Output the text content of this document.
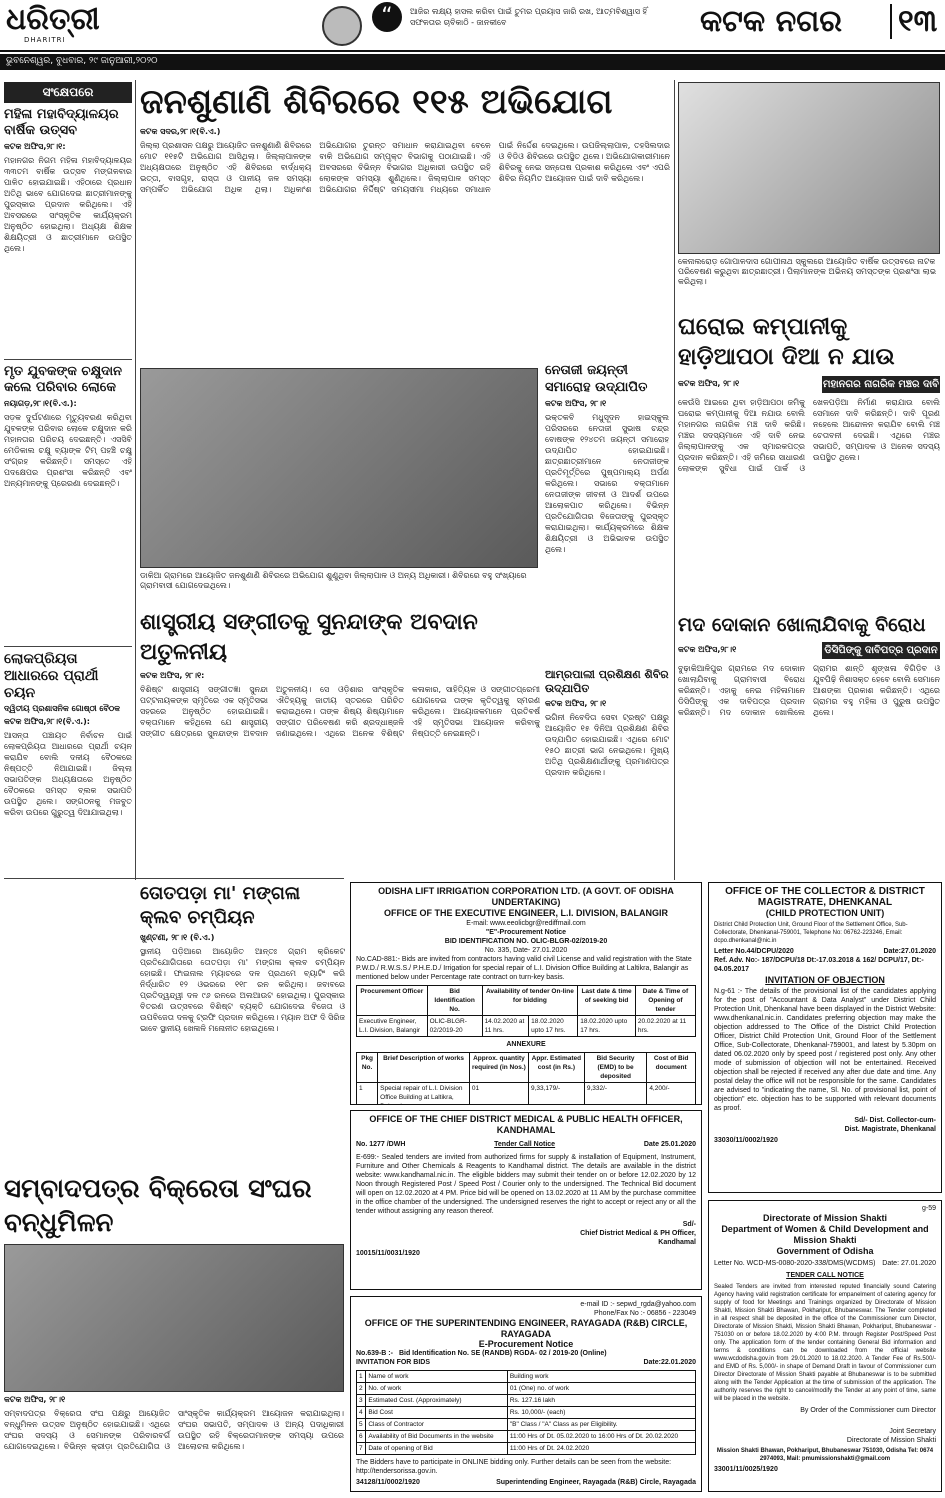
ଧରିତ୍ରୀ
DHARITRI
“	ଆଜିର ଲକ୍ଷ୍ୟ ହାସଲ କରିବା ପାଇଁ ତୁମର ପ୍ରୟାସ ଜାରି ରଖ, ଆତ୍ମବିଶ୍ୱାସ ହିଁ ସଫଳତାର ଚାବିକାଠି - ଜାନକୀବେ	କଟକ ନଗର ୧୩
ଭୁବନେଶ୍ୱର, ବୁଧବାର, ୨୯ ଜାନୁଆରୀ,୨୦୨୦
ସଂକ୍ଷେପରେ
ମହିଳା ମହାବିଦ୍ୟାଳୟର ବାର୍ଷିକ ଉତ୍ସବ
କଟକ ଅଫିସ,୨୮।୧:
ମହାନଗର ନିଗମ ମହିଳା ମହାବିଦ୍ୟାଳୟର ୩୩ତମ ବାର୍ଷିକ ଉତ୍ସବ ମଙ୍ଗଳବାର ପାଳିତ ହୋଇଯାଇଛି। ଏହିଠାରେ ପ୍ରଧାନ ଅତିଥି ଭାବେ ଯୋଗଦେଇ ଛାତ୍ରୀମାନଙ୍କୁ ପୁରସ୍କାର ପ୍ରଦାନ କରିଥିଲେ। ଏହି ଅବସରରେ ସାଂସ୍କୃତିକ କାର୍ଯ୍ୟକ୍ରମ ଅନୁଷ୍ଠିତ ହୋଇଥିଲା। ଅଧ୍ୟକ୍ଷ ଶିକ୍ଷକ ଶିକ୍ଷୟିତ୍ରୀ ଓ ଛାତ୍ରୀମାନେ ଉପସ୍ଥିତ ଥିଲେ।
ମୃତ ଯୁବକଙ୍କ ଚକ୍ଷୁଦାନ କଲେ ପରିବାର ଲୋକେ
ନୟାଗଡ଼,୨୮।୧(ବି.ଏ.):
ସଡ଼କ ଦୁର୍ଘଟଣାରେ ମୃତ୍ୟୁବରଣ କରିଥିବା ଯୁବକଙ୍କ ପରିବାର ଲୋକେ ଚକ୍ଷୁଦାନ କରି ମହାନତାର ପରିଚୟ ଦେଇଛନ୍ତି। ଏସସିବି ମେଡିକାଲ ଚକ୍ଷୁ ବ୍ୟାଙ୍କ ଟିମ୍ ପହଞ୍ଚି ଚକ୍ଷୁ ସଂଗ୍ରହ କରିଛନ୍ତି। ସମସ୍ତେ ଏହି ପଦକ୍ଷେପର ପ୍ରଶଂସା କରିଛନ୍ତି ଏବଂ ଅନ୍ୟମାନଙ୍କୁ ପ୍ରେରଣା ଦେଇଛନ୍ତି।
ଲୋକପ୍ରିୟତା ଆଧାରରେ ପ୍ରାର୍ଥୀ ଚୟନ
ଦ୍ୱିତୀୟ ପ୍ରଶାସନିକ ଗୋଷ୍ଠୀ ବୈଠକ
କଟକ ଅଫିସ,୨୮।୧(ବି.ଏ.):
ଆସନ୍ତା ପଞ୍ଚାୟତ ନିର୍ବାଚନ ପାଇଁ ଲୋକପ୍ରିୟତା ଆଧାରରେ ପ୍ରାର୍ଥୀ ଚୟନ କରାଯିବ ବୋଲି ଦଳୀୟ ବୈଠକରେ ନିଷ୍ପତ୍ତି ନିଆଯାଇଛି। ଜିଲ୍ଲା ସଭାପତିଙ୍କ ଅଧ୍ୟକ୍ଷତାରେ ଅନୁଷ୍ଠିତ ବୈଠକରେ ସମସ୍ତ ବ୍ଲକ ସଭାପତି ଉପସ୍ଥିତ ଥିଲେ। ସଙ୍ଗଠନକୁ ମଜବୁତ କରିବା ଉପରେ ଗୁରୁତ୍ୱ ଦିଆଯାଇଥିଲା।
ଜନଶୁଣାଣି ଶିବିରରେ ୧୧୫ ଅଭିଯୋଗ
କଟକ ସଦର,୨୮।୧(ବି.ଏ.)
ଜିଲ୍ଲା ପ୍ରଶାସନ ପକ୍ଷରୁ ଆୟୋଜିତ ଜନଶୁଣାଣି ଶିବିରରେ ମୋଟ ୧୧୫ଟି ଅଭିଯୋଗ ଆସିଥିଲା। ଜିଲ୍ଲାପାଳଙ୍କ ଅଧ୍ୟକ୍ଷତାରେ ଅନୁଷ୍ଠିତ ଏହି ଶିବିରରେ ବାର୍ଦ୍ଧକ୍ୟ ଭତ୍ତା, ବାସଗୃହ, ରାସ୍ତା ଓ ପାନୀୟ ଜଳ ସମସ୍ୟା ସମ୍ପର୍କିତ ଅଭିଯୋଗ ଅଧିକ ଥିଲା। ଅଧିକାଂଶ ଅଭିଯୋଗର ତୁରନ୍ତ ସମାଧାନ କରାଯାଇଥିବା ବେଳେ ବାକି ଅଭିଯୋଗ ସମ୍ପୃକ୍ତ ବିଭାଗକୁ ପଠାଯାଇଛି। ଏହି ଅବସରରେ ବିଭିନ୍ନ ବିଭାଗର ଅଧିକାରୀ ଉପସ୍ଥିତ ରହି ଲୋକଙ୍କ ସମସ୍ୟା ଶୁଣିଥିଲେ। ଜିଲ୍ଲାପାଳ ସମସ୍ତ ଅଭିଯୋଗର ନିର୍ଦ୍ଦିଷ୍ଟ ସମୟସୀମା ମଧ୍ୟରେ ସମାଧାନ ପାଇଁ ନିର୍ଦ୍ଦେଶ ଦେଇଥିଲେ। ଉପଜିଲ୍ଲାପାଳ, ତହସିଲଦାର ଓ ବିଡିଓ ଶିବିରରେ ଉପସ୍ଥିତ ଥିଲେ। ଅଭିଯୋଗକାରୀମାନେ ଶିବିରକୁ ନେଇ ସନ୍ତୋଷ ପ୍ରକାଶ କରିଥିଲେ ଏବଂ ଏପରି ଶିବିର ନିୟମିତ ଆୟୋଜନ ପାଇଁ ଦାବି କରିଥିଲେ।
ଡାକିଆ ଗ୍ରାମରେ ଆୟୋଜିତ ଜନଶୁଣାଣି ଶିବିରରେ ଅଭିଯୋଗ ଶୁଣୁଥିବା ଜିଲ୍ଲାପାଳ ଓ ଅନ୍ୟ ଅଧିକାରୀ। ଶିବିରରେ ବହୁ ସଂଖ୍ୟାରେ ଗ୍ରାମବାସୀ ଯୋଗଦେଇଥିଲେ।
ନେତାଜୀ ଜୟନ୍ତୀ ସମାରୋହ ଉଦ୍‌ଯାପିତ
କଟକ ଅଫିସ, ୨୮।୧
ଭକ୍ତକବି ମଧୁସୂଦନ ହାଇସ୍କୁଲ ପରିସରରେ ନେତାଜୀ ସୁଭାଷ ଚନ୍ଦ୍ର ବୋଷଙ୍କ ୧୨୪ତମ ଜୟନ୍ତୀ ସମାରୋହ ଉଦ୍‌ଯାପିତ ହୋଇଯାଇଛି। ଛାତ୍ରଛାତ୍ରୀମାନେ ନେତାଜୀଙ୍କ ପ୍ରତିମୂର୍ତ୍ତିରେ ପୁଷ୍ପମାଲ୍ୟ ଅର୍ପଣ କରିଥିଲେ। ସଭାରେ ବକ୍ତାମାନେ ନେତାଜୀଙ୍କ ଜୀବନୀ ଓ ଆଦର୍ଶ ଉପରେ ଆଲୋକପାତ କରିଥିଲେ। ବିଭିନ୍ନ ପ୍ରତିଯୋଗିତାର ବିଜେତାଙ୍କୁ ପୁରସ୍କୃତ କରାଯାଇଥିଲା। କାର୍ଯ୍ୟକ୍ରମରେ ଶିକ୍ଷକ ଶିକ୍ଷୟିତ୍ରୀ ଓ ଅଭିଭାବକ ଉପସ୍ଥିତ ଥିଲେ।
ଶାସ୍ତ୍ରୀୟ ସଙ୍ଗୀତକୁ ସୁନନ୍ଦାଙ୍କ ଅବଦାନ ଅତୁଳନୀୟ
କଟକ ଅଫିସ, ୨୮।୧:
ବିଶିଷ୍ଟ ଶାସ୍ତ୍ରୀୟ ସଙ୍ଗୀତଜ୍ଞା ସୁନନ୍ଦା ପଟ୍ଟନାୟକଙ୍କ ସ୍ମୃତିରେ ଏକ ସ୍ମୃତିସଭା ସହରରେ ଅନୁଷ୍ଠିତ ହୋଇଯାଇଛି। ବକ୍ତାମାନେ କହିଥିଲେ ଯେ ଶାସ୍ତ୍ରୀୟ ସଙ୍ଗୀତ କ୍ଷେତ୍ରରେ ସୁନନ୍ଦାଙ୍କ ଅବଦାନ ଅତୁଳନୀୟ। ସେ ଓଡ଼ିଶାର ସାଂସ୍କୃତିକ ଐତିହ୍ୟକୁ ଜାତୀୟ ସ୍ତରରେ ପରିଚିତ କରାଇଥିଲେ। ତାଙ୍କ ଶିଷ୍ୟ ଶିଷ୍ୟାମାନେ ସଙ୍ଗୀତ ପରିବେଷଣ କରି ଶ୍ରଦ୍ଧାଞ୍ଜଳି ଜଣାଇଥିଲେ। ଏଥିରେ ଅନେକ ବିଶିଷ୍ଟ କଳାକାର, ସାହିତ୍ୟିକ ଓ ସଙ୍ଗୀତପ୍ରେମୀ ଯୋଗଦେଇ ତାଙ୍କ କୃତିତ୍ୱକୁ ସ୍ମରଣ କରିଥିଲେ। ଆୟୋଜକମାନେ ପ୍ରତିବର୍ଷ ଏହି ସ୍ମୃତିସଭା ଆୟୋଜନ କରିବାକୁ ନିଷ୍ପତ୍ତି ନେଇଛନ୍ତି।
ଆମ୍ରପାଲୀ ପ୍ରଶିକ୍ଷଣ ଶିବିର ଉଦ୍‌ଯାପିତ
କଟକ ଅଫିସ, ୨୮।୧
ଭଗିନୀ ନିବେଦିତା ସେବା ଟ୍ରଷ୍ଟ ପକ୍ଷରୁ ଆୟୋଜିତ ୧୫ ଦିନିଆ ପ୍ରଶିକ୍ଷଣ ଶିବିର ଉଦ୍‌ଯାପିତ ହୋଇଯାଇଛି। ଏଥିରେ ମୋଟ ୧୫୦ ଛାତ୍ରୀ ଭାଗ ନେଇଥିଲେ। ମୁଖ୍ୟ ଅତିଥି ପ୍ରଶିକ୍ଷଣାର୍ଥୀଙ୍କୁ ପ୍ରମାଣପତ୍ର ପ୍ରଦାନ କରିଥିଲେ।
ତୋତପଡ଼ା ମା' ମଙ୍ଗଳା କ୍ଲବ ଚମ୍ପିୟନ
ଖୁଣ୍ଟଣୀ, ୨୮।୧ (ବି.ଏ.)
ସ୍ଥାନୀୟ ପଡ଼ିଆରେ ଆୟୋଜିତ ଆନ୍ତଃ ଗ୍ରାମ କ୍ରିକେଟ ପ୍ରତିଯୋଗିତାରେ ତୋତପଡ଼ା ମା' ମଙ୍ଗଳା କ୍ଲବ ଚମ୍ପିୟନ ହୋଇଛି। ଫାଇନାଲ ମ୍ୟାଚରେ ଦଳ ପ୍ରଥମେ ବ୍ୟାଟିଂ କରି ନିର୍ଦ୍ଧାରିତ ୧୨ ଓଭରରେ ୧୧୮ ରନ କରିଥିଲା। ଜବାବରେ ପ୍ରତିଦ୍ୱନ୍ଦ୍ୱୀ ଦଳ ୯୬ ରନରେ ଅଲଆଉଟ ହୋଇଥିଲା। ପୁରସ୍କାର ବିତରଣ ଉତ୍ସବରେ ବିଶିଷ୍ଟ ବ୍ୟକ୍ତି ଯୋଗଦେଇ ବିଜେତା ଓ ଉପବିଜେତା ଦଳକୁ ଟ୍ରଫି ପ୍ରଦାନ କରିଥିଲେ। ମ୍ୟାନ ଅଫ ଦି ସିରିଜ ଭାବେ ସ୍ଥାନୀୟ ଖେଳାଳି ମନୋନୀତ ହୋଇଥିଲେ।
ସମ୍ବାଦପତ୍ର ବିକ୍ରେତା ସଂଘର ବନ୍ଧୁମିଳନ
କଟକ ଅଫିସ, ୨୮।୧
ସମ୍ବାଦପତ୍ର ବିକ୍ରେତା ସଂଘ ପକ୍ଷରୁ ଆୟୋଜିତ ବନ୍ଧୁମିଳନ ଉତ୍ସବ ଅନୁଷ୍ଠିତ ହୋଇଯାଇଛି। ଏଥିରେ ସଂଘର ସଦସ୍ୟ ଓ ସେମାନଙ୍କ ପରିବାରବର୍ଗ ଯୋଗଦେଇଥିଲେ। ବିଭିନ୍ନ କ୍ରୀଡ଼ା ପ୍ରତିଯୋଗିତା ଓ ସାଂସ୍କୃତିକ କାର୍ଯ୍ୟକ୍ରମ ଆୟୋଜନ କରାଯାଇଥିଲା। ସଂଘର ସଭାପତି, ସମ୍ପାଦକ ଓ ଅନ୍ୟ ପଦାଧିକାରୀ ଉପସ୍ଥିତ ରହି ବିକ୍ରେତାମାନଙ୍କ ସମସ୍ୟା ଉପରେ ଆଲୋଚନା କରିଥିଲେ।
କେନାଲରୋଡ଼ ଗୋପାଳଦାସ ଗୋପୀନାଥ ସ୍କୁଲରେ ଆୟୋଜିତ ବାର୍ଷିକ ଉତ୍ସବରେ ନାଟକ ପରିବେଷଣ କରୁଥିବା ଛାତ୍ରଛାତ୍ରୀ। ପିଲାମାନଙ୍କ ଅଭିନୟ ସମସ୍ତଙ୍କ ପ୍ରଶଂସା ଲାଭ କରିଥିଲା।
ଘରୋଇ କମ୍ପାନୀକୁ ହାଡ଼ିଆପଠା ଦିଆ ନ ଯାଉ
କଟକ ଅଫିସ, ୨୮।୧	ମହାନଗର ନାଗରିକ ମଞ୍ଚର ଦାବି
କେଉଁସି ଆଇରେ ଥିବା ହାଡ଼ିଆପଠା ଜମିକୁ ଘରୋଇ କମ୍ପାନୀକୁ ଦିଆ ନଯାଉ ବୋଲି ମହାନଗର ନାଗରିକ ମଞ୍ଚ ଦାବି କରିଛି। ମଞ୍ଚର ସଦସ୍ୟମାନେ ଏହି ଦାବି ନେଇ ଜିଲ୍ଲାପାଳଙ୍କୁ ଏକ ସ୍ମାରକପତ୍ର ପ୍ରଦାନ କରିଛନ୍ତି। ଏହି ଜମିରେ ସାଧାରଣ ଲୋକଙ୍କ ସୁବିଧା ପାଇଁ ପାର୍କ ଓ ଖେଳପଡ଼ିଆ ନିର୍ମାଣ କରାଯାଉ ବୋଲି ସେମାନେ ଦାବି କରିଛନ୍ତି। ଦାବି ପୂରଣ ନହେଲେ ଆନ୍ଦୋଳନ କରାଯିବ ବୋଲି ମଞ୍ଚ ଚେତାବନୀ ଦେଇଛି। ଏଥିରେ ମଞ୍ଚର ସଭାପତି, ସମ୍ପାଦକ ଓ ଅନେକ ସଦସ୍ୟ ଉପସ୍ଥିତ ଥିଲେ।
ମଦ ଦୋକାନ ଖୋଲାଯିବାକୁ ବିରୋଧ
କଟକ ଅଫିସ,୨୮।୧	ଡିସିପିଙ୍କୁ ଦାବିପତ୍ର ପ୍ରଦାନ
ବୁଢ଼ାକିଆଳିପୁର ଗ୍ରାମରେ ମଦ ଦୋକାନ ଖୋଲାଯିବାକୁ ଗ୍ରାମବାସୀ ବିରୋଧ କରିଛନ୍ତି। ଏହାକୁ ନେଇ ମହିଳାମାନେ ଡିସିପିଙ୍କୁ ଏକ ଦାବିପତ୍ର ପ୍ରଦାନ କରିଛନ୍ତି। ମଦ ଦୋକାନ ଖୋଲିଲେ ଗ୍ରାମର ଶାନ୍ତି ଶୃଙ୍ଖଳା ବିଗିଡ଼ିବ ଓ ଯୁବପିଢ଼ି ନିଶାସକ୍ତ ହେବେ ବୋଲି ସେମାନେ ଆଶଙ୍କା ପ୍ରକାଶ କରିଛନ୍ତି। ଏଥିରେ ଗ୍ରାମର ବହୁ ମହିଳା ଓ ପୁରୁଷ ଉପସ୍ଥିତ ଥିଲେ।
ODISHA LIFT IRRIGATION CORPORATION LTD. (A GOVT. OF ODISHA UNDERTAKING)
OFFICE OF THE EXECUTIVE ENGINEER, L.I. DIVISION, BALANGIR
E-mail: www.eeolicbgr@rediffmail.com
"E"-Procurement Notice
BID IDENTIFICATION NO. OLIC-BLGR-02/2019-20
No. 335, Date- 27.01.2020
No.CAD-881:- Bids are invited from contractors having valid civil License and valid registration with the State P.W.D./ R.W.S.S./ P.H.E.D./ Irrigation for special repair of L.I. Division Office Building at Laltikra, Balangir as mentioned below under Percentage rate contract on turn-key basis.
Procurement Officer	Bid Identification No.	Availability of tender On-line for bidding		Last date & time of seeking bid	Date & Time of Opening of tender
Executive Engineer, L.I. Division, Balangir	OLIC-BLGR-02/2019-20	14.02.2020 at 11 hrs.	18.02.2020 upto 17 hrs.	18.02.2020 upto 17 hrs.	20.02.2020 at 11 hrs.
ANNEXURE
Pkg No.	Brief Description of works	Approx. quantity required (in Nos.)	Appr. Estimated cost (in Rs.)	Bid Security (EMD) to be deposited	Cost of Bid document
1	Special repair of L.I. Division Office Building at Laltikra,	01	9,33,179/-	9,332/-	4,200/-
OFFICE OF THE CHIEF DISTRICT MEDICAL & PUBLIC HEALTH OFFICER, KANDHAMAL
No. 1277 /DWH	Tender Call Notice	Date 25.01.2020
E-699:- Sealed tenders are invited from authorized firms for supply & installation of Equipment, Instrument, Furniture and Other Chemicals & Reagents to Kandhamal district. The details are available in the district website: www.kandhamal.nic.in. The eligible bidders may submit their tender on or before 12.02.2020 by 12 Noon through Registered Post / Speed Post / Courier only to the undersigned. The Technical Bid document will open on 12.02.2020 at 4 PM. Price bid will be opened on 13.02.2020 at 11 AM by the purchase committee in the office chamber of the undersigned. The undersigned reserves the right to accept or reject any or all the tender without assigning any reason thereof.
Sd/-
Chief District Medical & PH Officer,
Kandhamal
10015/11/0031/1920
e-mail ID :- sepwd_rgda@yahoo.com
Phone/Fax No :- 06856 - 223049
OFFICE OF THE SUPERINTENDING ENGINEER, RAYAGADA (R&B) CIRCLE, RAYAGADA
E-Procurement Notice
No.639-B :- Bid Identification No. SE (RANDB) RGDA- 02 / 2019-20 (Online)
INVITATION FOR BIDS	Date:22.01.2020
1	Name of work	Building work
2	No. of work	01 (One) no. of work
3	Estimated Cost. (Approximately)	Rs. 127.16 lakh
4	Bid Cost	Rs. 10,000/- (each)
5	Class of Contractor	"B" Class / "A" Class as per Eligibility.
6	Availability of Bid Documents in the website	11:00 Hrs of Dt. 05.02.2020 to 16:00 Hrs of Dt. 20.02.2020
7	Date of opening of Bid	11:00 Hrs of Dt. 24.02.2020
The Bidders have to participate in ONLINE bidding only. Further details can be seen from the website: http://tendersorissa.gov.in.
34128/11/0002/1920	Superintending Engineer, Rayagada (R&B) Circle, Rayagada
OFFICE OF THE COLLECTOR & DISTRICT MAGISTRATE, DHENKANAL
(CHILD PROTECTION UNIT)
District Child Protection Unit, Ground Floor of the Settlement Office, Sub-Collectorate, Dhenkanal-759001, Telephone No: 06762-223246, Email: dcpo.dhenkanal@nic.in
Letter No.44/DCPU/2020	Date:27.01.2020
Ref. Adv. No:- 187/DCPU/18 Dt:-17.03.2018 & 162/ DCPU/17, Dt:- 04.05.2017
INVITATION OF OBJECTION
N.g-61 :- The details of the provisional list of the candidates applying for the post of "Accountant & Data Analyst" under District Child Protection Unit, Dhenkanal have been displayed in the District Website: www.dhenkanal.nic.in. Candidates preferring objection may make the objection addressed to The Office of the District Child Protection Officer, District Child Protection Unit, Ground Floor of the Settlement Office, Sub-Collectorate, Dhenkanal-759001, and latest by 5.30pm on dated 06.02.2020 only by speed post / registered post only. Any other mode of submission of objection will not be entertained. Received objection shall be rejected if received any after due date and time. Any postal delay the office will not be responsible for the same. Candidates are advised to "indicating the name, Sl. No. of provisional list, point of objection" etc. objection has to be supported with relevant documents as proof.
Sd/- Dist. Collector-cum-
Dist. Magistrate, Dhenkanal
33030/11/0002/1920
g-59
Directorate of Mission Shakti
Department of Women & Child Development and Mission Shakti
Government of Odisha
Letter No. WCD-MS-0080-2020-338/DMS(WCDMS) Date: 27.01.2020
TENDER CALL NOTICE
Sealed Tenders are invited from interested reputed financially sound Catering Agency having valid registration certificate for empanelment of catering agency for supply of food for Meetings and Trainings organized by Directorate of Mission Shakti, Mission Shakti Bhawan, Pokhariput, Bhubaneswar. The Tender completed in all respect shall be deposited in the office of the Commissioner cum Director, Directorate of Mission Shakti, Mission Shakti Bhawan, Pokhariput, Bhubaneswar - 751030 on or before 18.02.2020 by 4:00 P.M. through Register Post/Speed Post only. The application form of the tender containing General Bid information and terms & conditions can be downloaded from the official website www.wcdodisha.gov.in from 29.01.2020 to 18.02.2020. A Tender Fee of Rs.500/- and EMD of Rs. 5,000/- in shape of Demand Draft in favour of Commissioner cum Director Directorate of Mission Shakti payable at Bhubaneswar is to be submitted along with the Tender Application at the time of submission of the application. The authority reserves the right to cancel/modify the Tender at any point of time, same will be placed in the website.
By Order of the Commissioner cum Director
Joint Secretary
Directorate of Mission Shakti
Mission Shakti Bhawan, Pokhariput, Bhubaneswar 751030, Odisha Tel: 0674 2974093, Mail: pmumissionshakti@gmail.com
33001/11/0025/1920
